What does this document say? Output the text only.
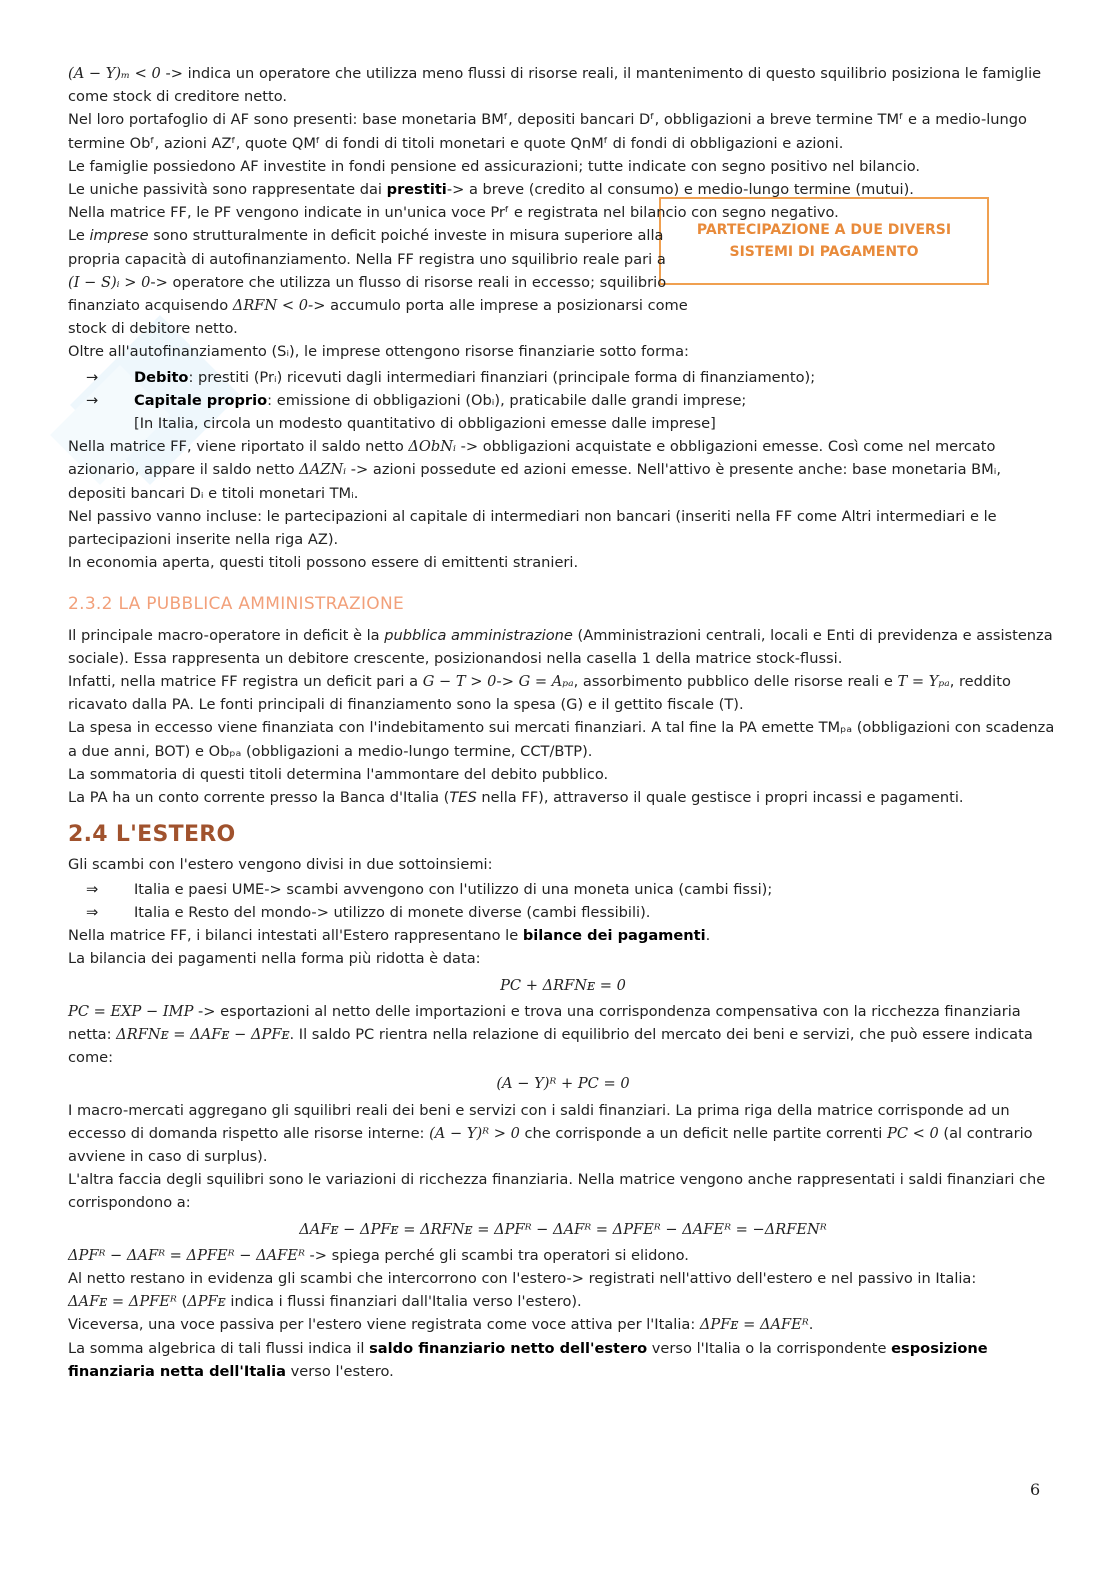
PARTECIPAZIONE A DUE DIVERSI
SISTEMI DI PAGAMENTO

(A − Y)ₘ < 0 -> indica un operatore che utilizza meno flussi di risorse reali, il mantenimento di questo squilibrio posiziona le famiglie come stock di creditore netto.

Nel loro portafoglio di AF sono presenti: base monetaria BMᶠ, depositi bancari Dᶠ, obbligazioni a breve termine TMᶠ e a medio-lungo termine Obᶠ, azioni AZᶠ, quote QMᶠ di fondi di titoli monetari e quote QnMᶠ di fondi di obbligazioni e azioni.

Le famiglie possiedono AF investite in fondi pensione ed assicurazioni; tutte indicate con segno positivo nel bilancio.

Le uniche passività sono rappresentate dai prestiti-> a breve (credito al consumo) e medio-lungo termine (mutui).

Nella matrice FF, le PF vengono indicate in un'unica voce Prᶠ e registrata nel bilancio con segno negativo.

Le imprese sono strutturalmente in deficit poiché investe in misura superiore alla propria capacità di autofinanziamento. Nella FF registra uno squilibrio reale pari a (I − S)ᵢ > 0-> operatore che utilizza un flusso di risorse reali in eccesso; squilibrio finanziato acquisendo ΔRFN < 0-> accumulo porta alle imprese a posizionarsi come stock di debitore netto.

Oltre all'autofinanziamento (Sᵢ), le imprese ottengono risorse finanziarie sotto forma:

→	Debito: prestiti (Prᵢ) ricevuti dagli intermediari finanziari (principale forma di finanziamento);
→	Capitale proprio: emissione di obbligazioni (Obᵢ), praticabile dalle grandi imprese;
[In Italia, circola un modesto quantitativo di obbligazioni emesse dalle imprese]

Nella matrice FF, viene riportato il saldo netto ΔObNᵢ -> obbligazioni acquistate e obbligazioni emesse. Così come nel mercato azionario, appare il saldo netto ΔAZNᵢ -> azioni possedute ed azioni emesse. Nell'attivo è presente anche: base monetaria BMᵢ, depositi bancari Dᵢ e titoli monetari TMᵢ.

Nel passivo vanno incluse: le partecipazioni al capitale di intermediari non bancari (inseriti nella FF come Altri intermediari e le partecipazioni inserite nella riga AZ).

In economia aperta, questi titoli possono essere di emittenti stranieri.

2.3.2 LA PUBBLICA AMMINISTRAZIONE

Il principale macro-operatore in deficit è la pubblica amministrazione (Amministrazioni centrali, locali e Enti di previdenza e assistenza sociale). Essa rappresenta un debitore crescente, posizionandosi nella casella 1 della matrice stock-flussi.

Infatti, nella matrice FF registra un deficit pari a G − T > 0-> G = Aₚₐ, assorbimento pubblico delle risorse reali e T = Yₚₐ, reddito ricavato dalla PA. Le fonti principali di finanziamento sono la spesa (G) e il gettito fiscale (T).

La spesa in eccesso viene finanziata con l'indebitamento sui mercati finanziari. A tal fine la PA emette TMₚₐ (obbligazioni con scadenza a due anni, BOT) e Obₚₐ (obbligazioni a medio-lungo termine, CCT/BTP).

La sommatoria di questi titoli determina l'ammontare del debito pubblico.

La PA ha un conto corrente presso la Banca d'Italia (TES nella FF), attraverso il quale gestisce i propri incassi e pagamenti.

2.4 L'ESTERO

Gli scambi con l'estero vengono divisi in due sottoinsiemi:

⇒	Italia e paesi UME-> scambi avvengono con l'utilizzo di una moneta unica (cambi fissi);
⇒	Italia e Resto del mondo-> utilizzo di monete diverse (cambi flessibili).

Nella matrice FF, i bilanci intestati all'Estero rappresentano le bilance dei pagamenti.

La bilancia dei pagamenti nella forma più ridotta è data:

PC + ΔRFNᴇ = 0

PC = EXP − IMP -> esportazioni al netto delle importazioni e trova una corrispondenza compensativa con la ricchezza finanziaria netta: ΔRFNᴇ = ΔAFᴇ − ΔPFᴇ. Il saldo PC rientra nella relazione di equilibrio del mercato dei beni e servizi, che può essere indicata come:

(A − Y)ᴿ + PC = 0

I macro-mercati aggregano gli squilibri reali dei beni e servizi con i saldi finanziari. La prima riga della matrice corrisponde ad un eccesso di domanda rispetto alle risorse interne: (A − Y)ᴿ > 0 che corrisponde a un deficit nelle partite correnti PC < 0 (al contrario avviene in caso di surplus).

L'altra faccia degli squilibri sono le variazioni di ricchezza finanziaria. Nella matrice vengono anche rappresentati i saldi finanziari che corrispondono a:

ΔAFᴇ − ΔPFᴇ = ΔRFNᴇ = ΔPFᴿ − ΔAFᴿ = ΔPFEᴿ − ΔAFEᴿ = −ΔRFENᴿ

ΔPFᴿ − ΔAFᴿ = ΔPFEᴿ − ΔAFEᴿ -> spiega perché gli scambi tra operatori si elidono.

Al netto restano in evidenza gli scambi che intercorrono con l'estero-> registrati nell'attivo dell'estero e nel passivo in Italia: ΔAFᴇ = ΔPFEᴿ (ΔPFᴇ indica i flussi finanziari dall'Italia verso l'estero).

Viceversa, una voce passiva per l'estero viene registrata come voce attiva per l'Italia: ΔPFᴇ = ΔAFEᴿ.

La somma algebrica di tali flussi indica il saldo finanziario netto dell'estero verso l'Italia o la corrispondente esposizione finanziaria netta dell'Italia verso l'estero.

6
